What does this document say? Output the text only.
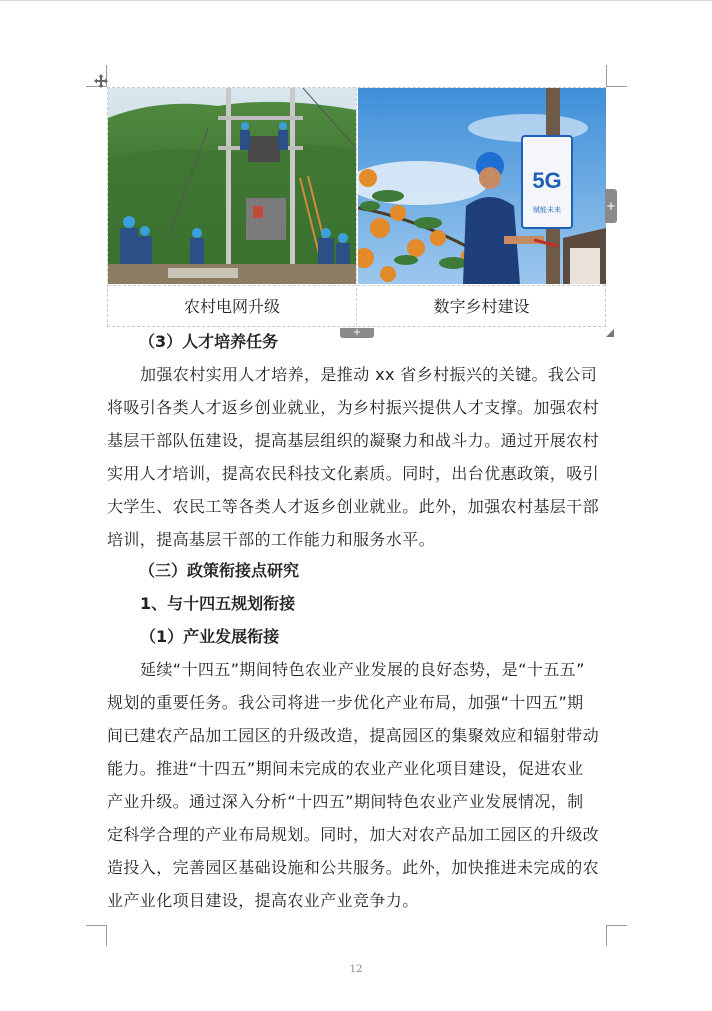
5G
赋能未来
农村电网升级	数字乡村建设
+
+
（3）人才培养任务
加强农村实用人才培养，是推动 xx 省乡村振兴的关键。我公司
将吸引各类人才返乡创业就业，为乡村振兴提供人才支撑。加强农村
基层干部队伍建设，提高基层组织的凝聚力和战斗力。通过开展农村
实用人才培训，提高农民科技文化素质。同时，出台优惠政策，吸引
大学生、农民工等各类人才返乡创业就业。此外，加强农村基层干部
培训，提高基层干部的工作能力和服务水平。
（三）政策衔接点研究
1、与十四五规划衔接
（1）产业发展衔接
延续“十四五”期间特色农业产业发展的良好态势，是“十五五”
规划的重要任务。我公司将进一步优化产业布局，加强“十四五”期
间已建农产品加工园区的升级改造，提高园区的集聚效应和辐射带动
能力。推进“十四五”期间未完成的农业产业化项目建设，促进农业
产业升级。通过深入分析“十四五”期间特色农业产业发展情况，制
定科学合理的产业布局规划。同时，加大对农产品加工园区的升级改
造投入，完善园区基础设施和公共服务。此外，加快推进未完成的农
业产业化项目建设，提高农业产业竞争力。
12
